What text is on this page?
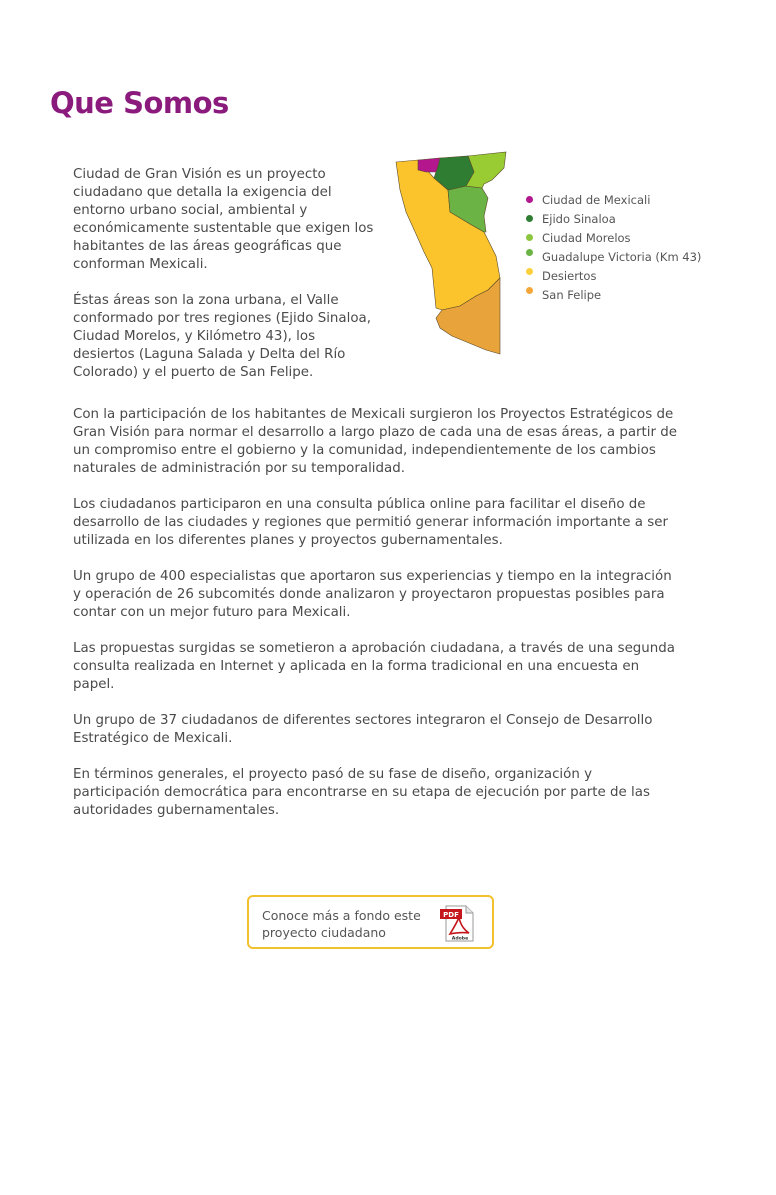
Que Somos

Ciudad de Gran Visión es un proyecto ciudadano que detalla la exigencia del entorno urbano social, ambiental y económicamente sustentable que exigen los habitantes de las áreas geográficas que conforman Mexicali.

Éstas áreas son la zona urbana, el Valle conformado por tres regiones (Ejido Sinaloa, Ciudad Morelos, y Kilómetro 43), los desiertos (Laguna Salada y Delta del Río Colorado) y el puerto de San Felipe.

Ciudad de Mexicali
Ejido Sinaloa
Ciudad Morelos
Guadalupe Victoria (Km 43)
Desiertos
San Felipe

Con la participación de los habitantes de Mexicali surgieron los Proyectos Estratégicos de Gran Visión para normar el desarrollo a largo plazo de cada una de esas áreas, a partir de un compromiso entre el gobierno y la comunidad, independientemente de los cambios naturales de administración por su temporalidad.

Los ciudadanos participaron en una consulta pública online para facilitar el diseño de desarrollo de las ciudades y regiones que permitió generar información importante a ser utilizada en los diferentes planes y proyectos gubernamentales.

Un grupo de 400 especialistas que aportaron sus experiencias y tiempo en la integración y operación de 26 subcomités donde analizaron y proyectaron propuestas posibles para contar con un mejor futuro para Mexicali.

Las propuestas surgidas se sometieron a aprobación ciudadana, a través de una segunda consulta realizada en Internet y aplicada en la forma tradicional en una encuesta en papel.

Un grupo de 37 ciudadanos de diferentes sectores integraron el Consejo de Desarrollo Estratégico de Mexicali.

En términos generales, el proyecto pasó de su fase de diseño, organización y participación democrática para encontrarse en su etapa de ejecución por parte de las autoridades gubernamentales.

Conoce más a fondo este
proyecto ciudadano
PDF
Adobe
